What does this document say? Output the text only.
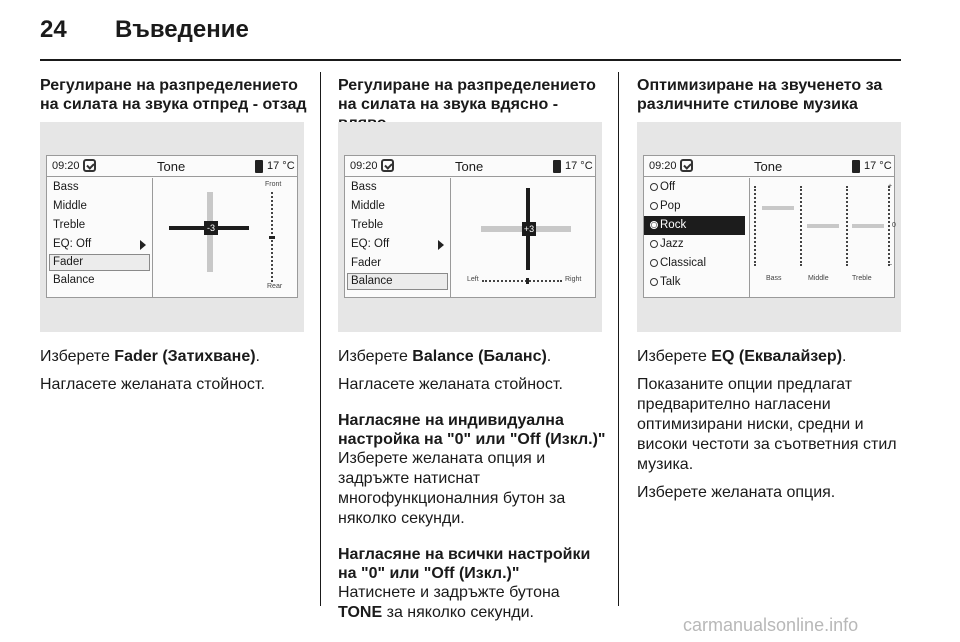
24 Въведение
Регулиране на разпределението на силата на звука отпред - отзад
09:20	Tone	17 °C
Bass
Middle
Treble
EQ: Off
Fader
Balance
-3
Front
Rear

Изберете Fader (Затихване).

Нагласете желаната стойност.

Регулиране на разпределението на силата на звука вдясно -
09:20	Tone	17 °C
Bass
Middle
Treble
EQ: Off
Fader
Balance
+3
Left	Right

Изберете Balance (Баланс).

Нагласете желаната стойност.

Нагласяне на индивидуална настройка на "0" или "Off (Изкл.)"

Изберете желаната опция и задръжте натиснат многофункционалния бутон за няколко секунди.

Нагласяне на всички настройки на "0" или "Off (Изкл.)"

Натиснете и задръжте бутона TONE за няколко секунди.

Оптимизиране на звученето за различните стилове музика
09:20	Tone	17 °C
Off
Pop
Rock
Jazz
Classical
Talk
+
0
–
Bass	Middle	Treble

Изберете EQ (Еквалайзер).

Показаните опции предлагат предварително нагласени оптимизирани ниски, средни и високи честоти за съответния стил музика.

Изберете желаната опция.

carmanualsonline.info
